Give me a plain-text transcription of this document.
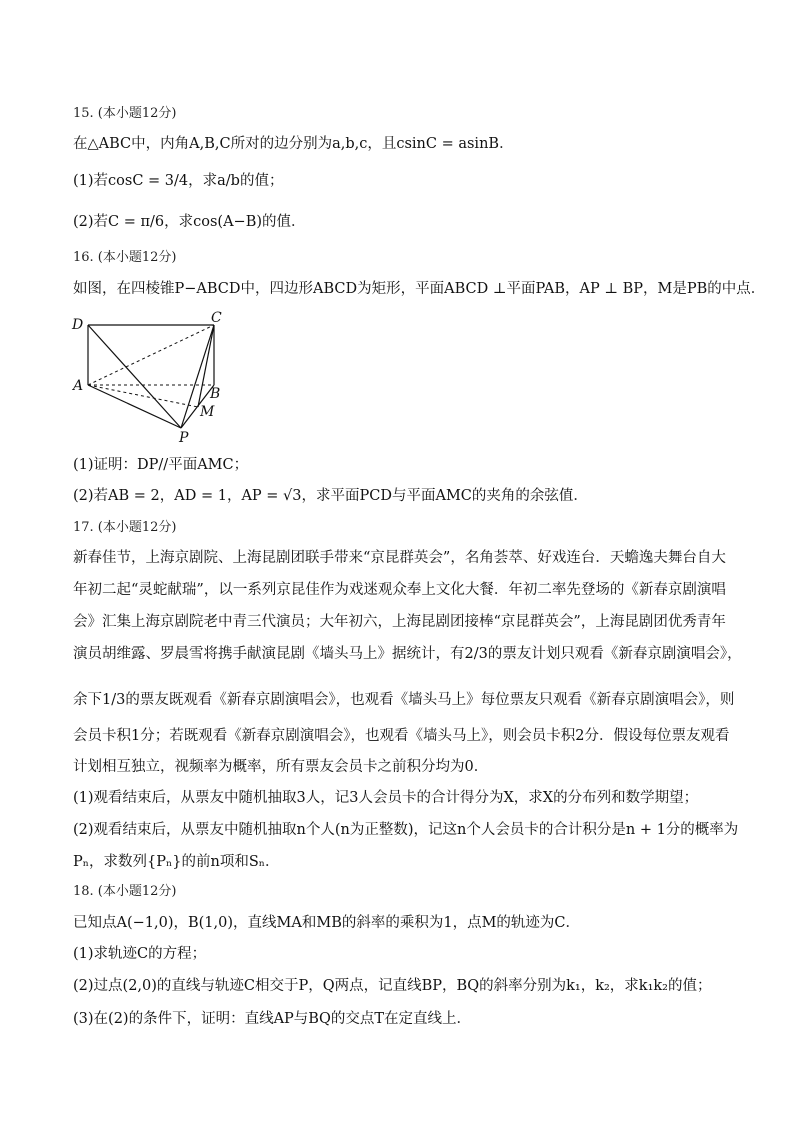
15. (本小题12分)
在△ABC中，内角A,B,C所对的边分别为a,b,c，且csinC = asinB．
(1)若cosC = 3/4，求a/b的值；
(2)若C = π/6，求cos(A−B)的值．
16. (本小题12分)
如图，在四棱锥P−ABCD中，四边形ABCD为矩形，平面ABCD ⊥平面PAB，AP ⊥ BP，M是PB的中点．
D	C
A	B
M
P
(1)证明：DP//平面AMC；
(2)若AB = 2，AD = 1，AP = √3，求平面PCD与平面AMC的夹角的余弦值．
17. (本小题12分)
新春佳节，上海京剧院、上海昆剧团联手带来“京昆群英会”，名角荟萃、好戏连台．天蟾逸夫舞台自大
年初二起“灵蛇献瑞”，以一系列京昆佳作为戏迷观众奉上文化大餐．年初二率先登场的《新春京剧演唱
会》汇集上海京剧院老中青三代演员；大年初六，上海昆剧团接棒“京昆群英会”，上海昆剧团优秀青年
演员胡维露、罗晨雪将携手献演昆剧《墙头马上》据统计，有2/3的票友计划只观看《新春京剧演唱会》，
余下1/3的票友既观看《新春京剧演唱会》，也观看《墙头马上》每位票友只观看《新春京剧演唱会》，则
会员卡积1分；若既观看《新春京剧演唱会》，也观看《墙头马上》，则会员卡积2分．假设每位票友观看
计划相互独立，视频率为概率，所有票友会员卡之前积分均为0．
(1)观看结束后，从票友中随机抽取3人，记3人会员卡的合计得分为X，求X的分布列和数学期望；
(2)观看结束后，从票友中随机抽取n个人(n为正整数)，记这n个人会员卡的合计积分是n + 1分的概率为
Pₙ，求数列{Pₙ}的前n项和Sₙ．
18. (本小题12分)
已知点A(−1,0)，B(1,0)，直线MA和MB的斜率的乘积为1，点M的轨迹为C．
(1)求轨迹C的方程；
(2)过点(2,0)的直线与轨迹C相交于P，Q两点，记直线BP，BQ的斜率分别为k₁，k₂，求k₁k₂的值；
(3)在(2)的条件下，证明：直线AP与BQ的交点T在定直线上．
